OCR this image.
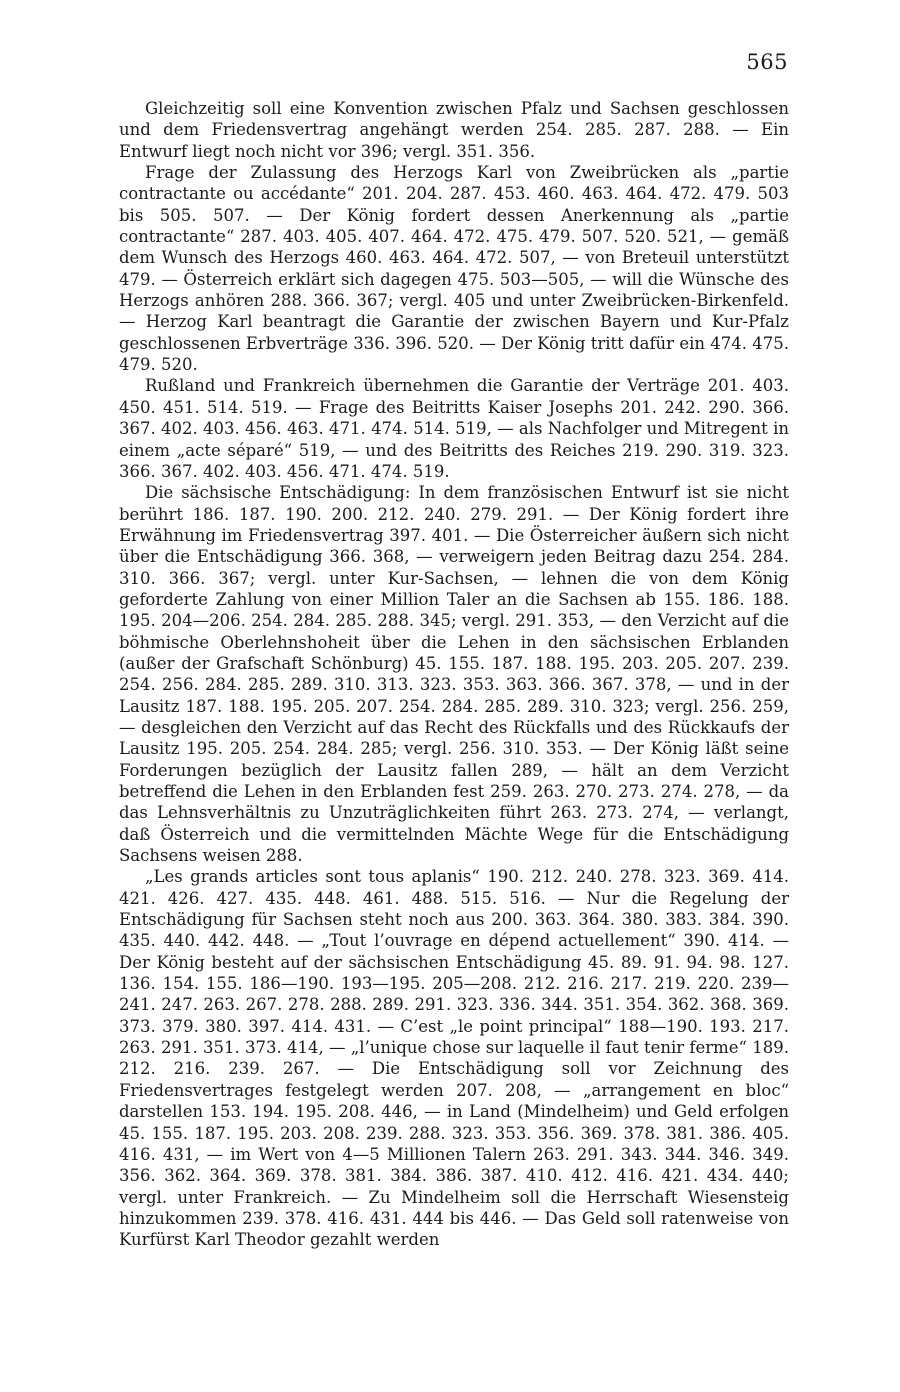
565

Gleichzeitig soll eine Konvention zwischen Pfalz und Sachsen geschlossen und dem Friedensvertrag angehängt werden 254. 285. 287. 288. — Ein Entwurf liegt noch nicht vor 396; vergl. 351. 356.

Frage der Zulassung des Herzogs Karl von Zweibrücken als „partie contractante ou accédante“ 201. 204. 287. 453. 460. 463. 464. 472. 479. 503 bis 505. 507. — Der König fordert dessen Anerkennung als „partie contractante“ 287. 403. 405. 407. 464. 472. 475. 479. 507. 520. 521, — gemäß dem Wunsch des Herzogs 460. 463. 464. 472. 507, — von Breteuil unterstützt 479. — Österreich erklärt sich dagegen 475. 503—505, — will die Wünsche des Herzogs anhören 288. 366. 367; vergl. 405 und unter Zweibrücken-Birkenfeld. — Herzog Karl beantragt die Garantie der zwischen Bayern und Kur-Pfalz geschlossenen Erbverträge 336. 396. 520. — Der König tritt dafür ein 474. 475. 479. 520.

Rußland und Frankreich übernehmen die Garantie der Verträge 201. 403. 450. 451. 514. 519. — Frage des Beitritts Kaiser Josephs 201. 242. 290. 366. 367. 402. 403. 456. 463. 471. 474. 514. 519, — als Nachfolger und Mitregent in einem „acte séparé“ 519, — und des Beitritts des Reiches 219. 290. 319. 323. 366. 367. 402. 403. 456. 471. 474. 519.

Die sächsische Entschädigung: In dem französischen Entwurf ist sie nicht berührt 186. 187. 190. 200. 212. 240. 279. 291. — Der König fordert ihre Erwähnung im Friedensvertrag 397. 401. — Die Österreicher äußern sich nicht über die Entschädigung 366. 368, — verweigern jeden Beitrag dazu 254. 284. 310. 366. 367; vergl. unter Kur-Sachsen, — lehnen die von dem König geforderte Zahlung von einer Million Taler an die Sachsen ab 155. 186. 188. 195. 204—206. 254. 284. 285. 288. 345; vergl. 291. 353, — den Verzicht auf die böhmische Oberlehnshoheit über die Lehen in den sächsischen Erblanden (außer der Grafschaft Schönburg) 45. 155. 187. 188. 195. 203. 205. 207. 239. 254. 256. 284. 285. 289. 310. 313. 323. 353. 363. 366. 367. 378, — und in der Lausitz 187. 188. 195. 205. 207. 254. 284. 285. 289. 310. 323; vergl. 256. 259, — desgleichen den Verzicht auf das Recht des Rückfalls und des Rückkaufs der Lausitz 195. 205. 254. 284. 285; vergl. 256. 310. 353. — Der König läßt seine Forderungen bezüglich der Lausitz fallen 289, — hält an dem Verzicht betreffend die Lehen in den Erblanden fest 259. 263. 270. 273. 274. 278, — da das Lehnsverhältnis zu Unzuträglichkeiten führt 263. 273. 274, — verlangt, daß Österreich und die vermittelnden Mächte Wege für die Entschädigung Sachsens weisen 288.

„Les grands articles sont tous aplanis“ 190. 212. 240. 278. 323. 369. 414. 421. 426. 427. 435. 448. 461. 488. 515. 516. — Nur die Regelung der Entschädigung für Sachsen steht noch aus 200. 363. 364. 380. 383. 384. 390. 435. 440. 442. 448. — „Tout l’ouvrage en dépend actuellement“ 390. 414. — Der König besteht auf der sächsischen Entschädigung 45. 89. 91. 94. 98. 127. 136. 154. 155. 186—190. 193—195. 205—208. 212. 216. 217. 219. 220. 239—241. 247. 263. 267. 278. 288. 289. 291. 323. 336. 344. 351. 354. 362. 368. 369. 373. 379. 380. 397. 414. 431. — C’est „le point principal“ 188—190. 193. 217. 263. 291. 351. 373. 414, — „l’unique chose sur laquelle il faut tenir ferme“ 189. 212. 216. 239. 267. — Die Entschädigung soll vor Zeichnung des Friedensvertrages festgelegt werden 207. 208, — „arrangement en bloc“ darstellen 153. 194. 195. 208. 446, — in Land (Mindelheim) und Geld erfolgen 45. 155. 187. 195. 203. 208. 239. 288. 323. 353. 356. 369. 378. 381. 386. 405. 416. 431, — im Wert von 4—5 Millionen Talern 263. 291. 343. 344. 346. 349. 356. 362. 364. 369. 378. 381. 384. 386. 387. 410. 412. 416. 421. 434. 440; vergl. unter Frankreich. — Zu Mindelheim soll die Herrschaft Wiesensteig hinzukommen 239. 378. 416. 431. 444 bis 446. — Das Geld soll ratenweise von Kurfürst Karl Theodor gezahlt werden
